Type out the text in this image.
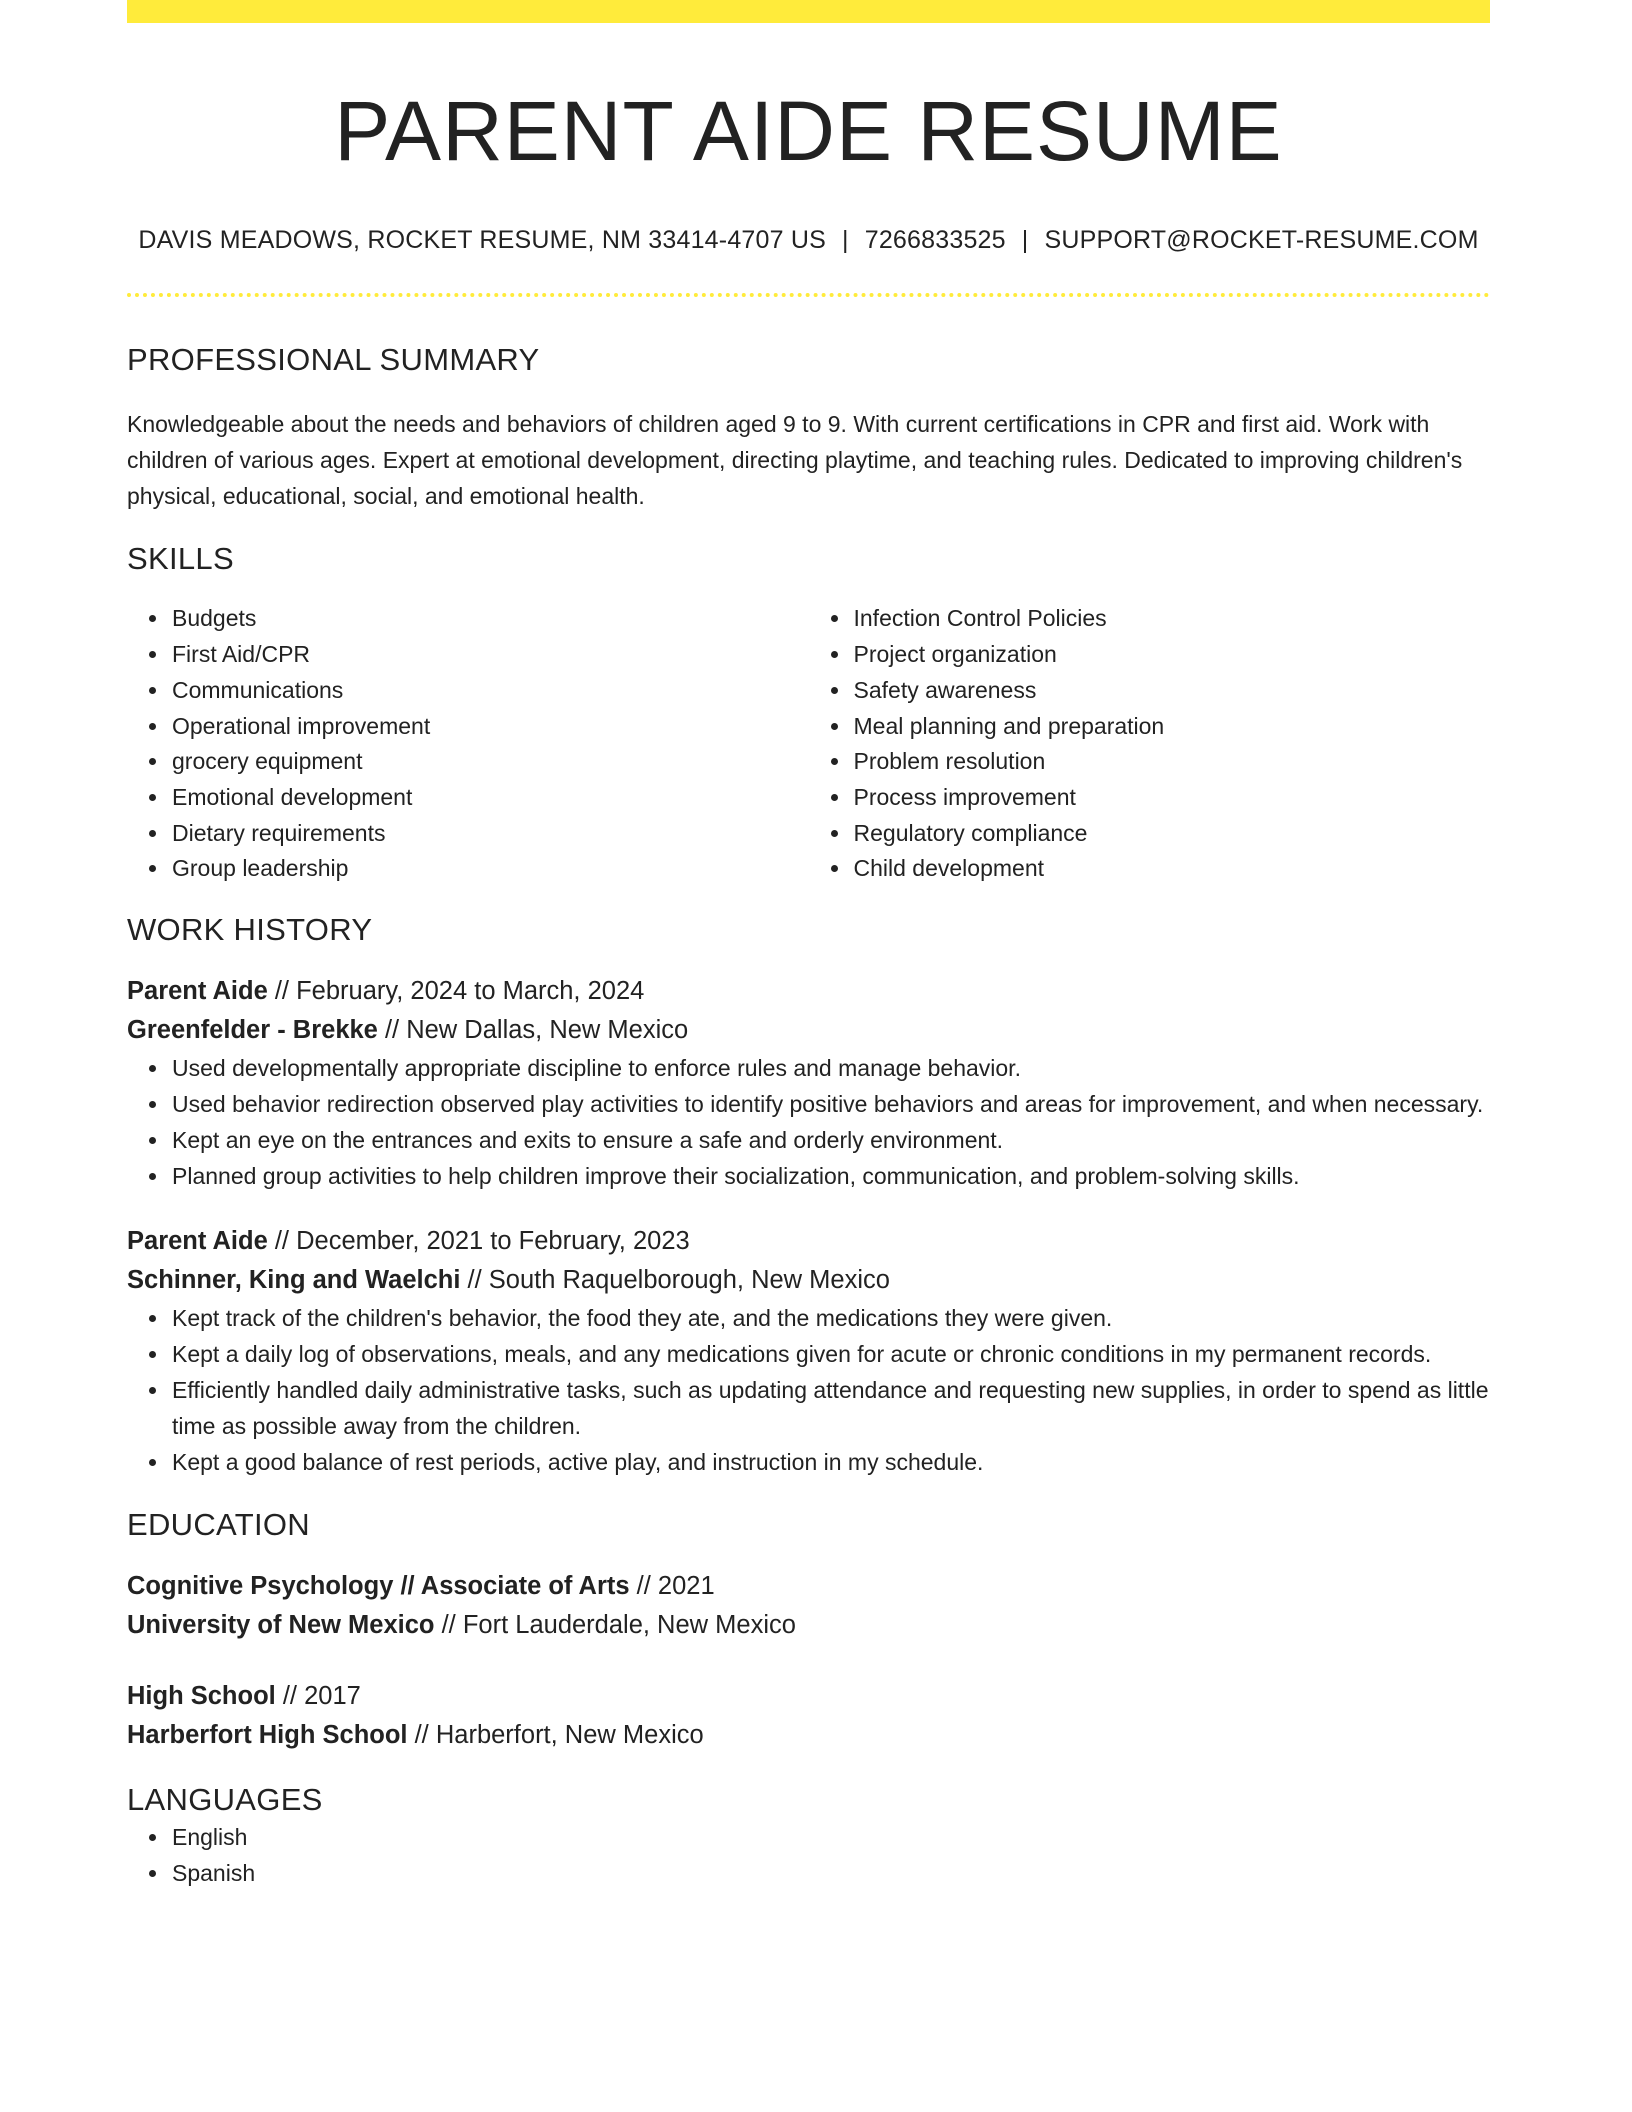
PARENT AIDE RESUME
DAVIS MEADOWS, ROCKET RESUME, NM 33414-4707 US | 7266833525 | SUPPORT@ROCKET-RESUME.COM
PROFESSIONAL SUMMARY

Knowledgeable about the needs and behaviors of children aged 9 to 9. With current certifications in CPR and first aid. Work with children of various ages. Expert at emotional development, directing playtime, and teaching rules. Dedicated to improving children's physical, educational, social, and emotional health.

SKILLS
• Budgets
• First Aid/CPR
• Communications
• Operational improvement
• grocery equipment
• Emotional development
• Dietary requirements
• Group leadership
• Infection Control Policies
• Project organization
• Safety awareness
• Meal planning and preparation
• Problem resolution
• Process improvement
• Regulatory compliance
• Child development
WORK HISTORY
Parent Aide // February, 2024 to March, 2024
Greenfelder - Brekke // New Dallas, New Mexico
• Used developmentally appropriate discipline to enforce rules and manage behavior.
• Used behavior redirection observed play activities to identify positive behaviors and areas for improvement, and when necessary.
• Kept an eye on the entrances and exits to ensure a safe and orderly environment.
• Planned group activities to help children improve their socialization, communication, and problem-solving skills.
Parent Aide // December, 2021 to February, 2023
Schinner, King and Waelchi // South Raquelborough, New Mexico
• Kept track of the children's behavior, the food they ate, and the medications they were given.
• Kept a daily log of observations, meals, and any medications given for acute or chronic conditions in my permanent records.
• Efficiently handled daily administrative tasks, such as updating attendance and requesting new supplies, in order to spend as little time as possible away from the children.
• Kept a good balance of rest periods, active play, and instruction in my schedule.
EDUCATION
Cognitive Psychology // Associate of Arts // 2021
University of New Mexico // Fort Lauderdale, New Mexico
High School // 2017
Harberfort High School // Harberfort, New Mexico
LANGUAGES
• English
• Spanish
